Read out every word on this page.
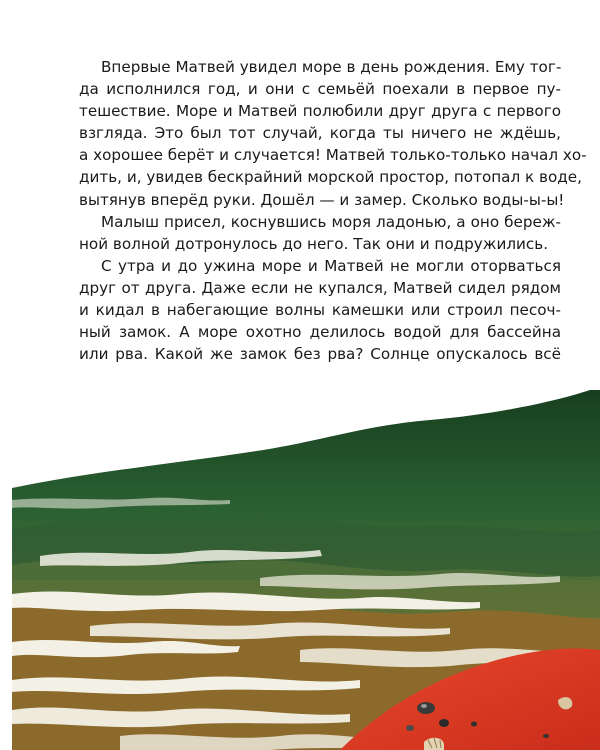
Впервые Матвей увидел море в день рождения. Ему тог-
да исполнился год, и они с семьёй поехали в первое пу-
тешествие. Море и Матвей полюбили друг друга с первого
взгляда. Это был тот случай, когда ты ничего не ждёшь,
а хорошее берёт и случается! Матвей только-только начал хо-
дить, и, увидев бескрайний морской простор, потопал к воде,
вытянув вперёд руки. Дошёл — и замер. Сколько воды-ы-ы!
Малыш присел, коснувшись моря ладонью, а оно береж-
ной волной дотронулось до него. Так они и подружились.
С утра и до ужина море и Матвей не могли оторваться
друг от друга. Даже если не купался, Матвей сидел рядом
и кидал в набегающие волны камешки или строил песоч-
ный замок. А море охотно делилось водой для бассейна
или рва. Какой же замок без рва? Солнце опускалось всё
